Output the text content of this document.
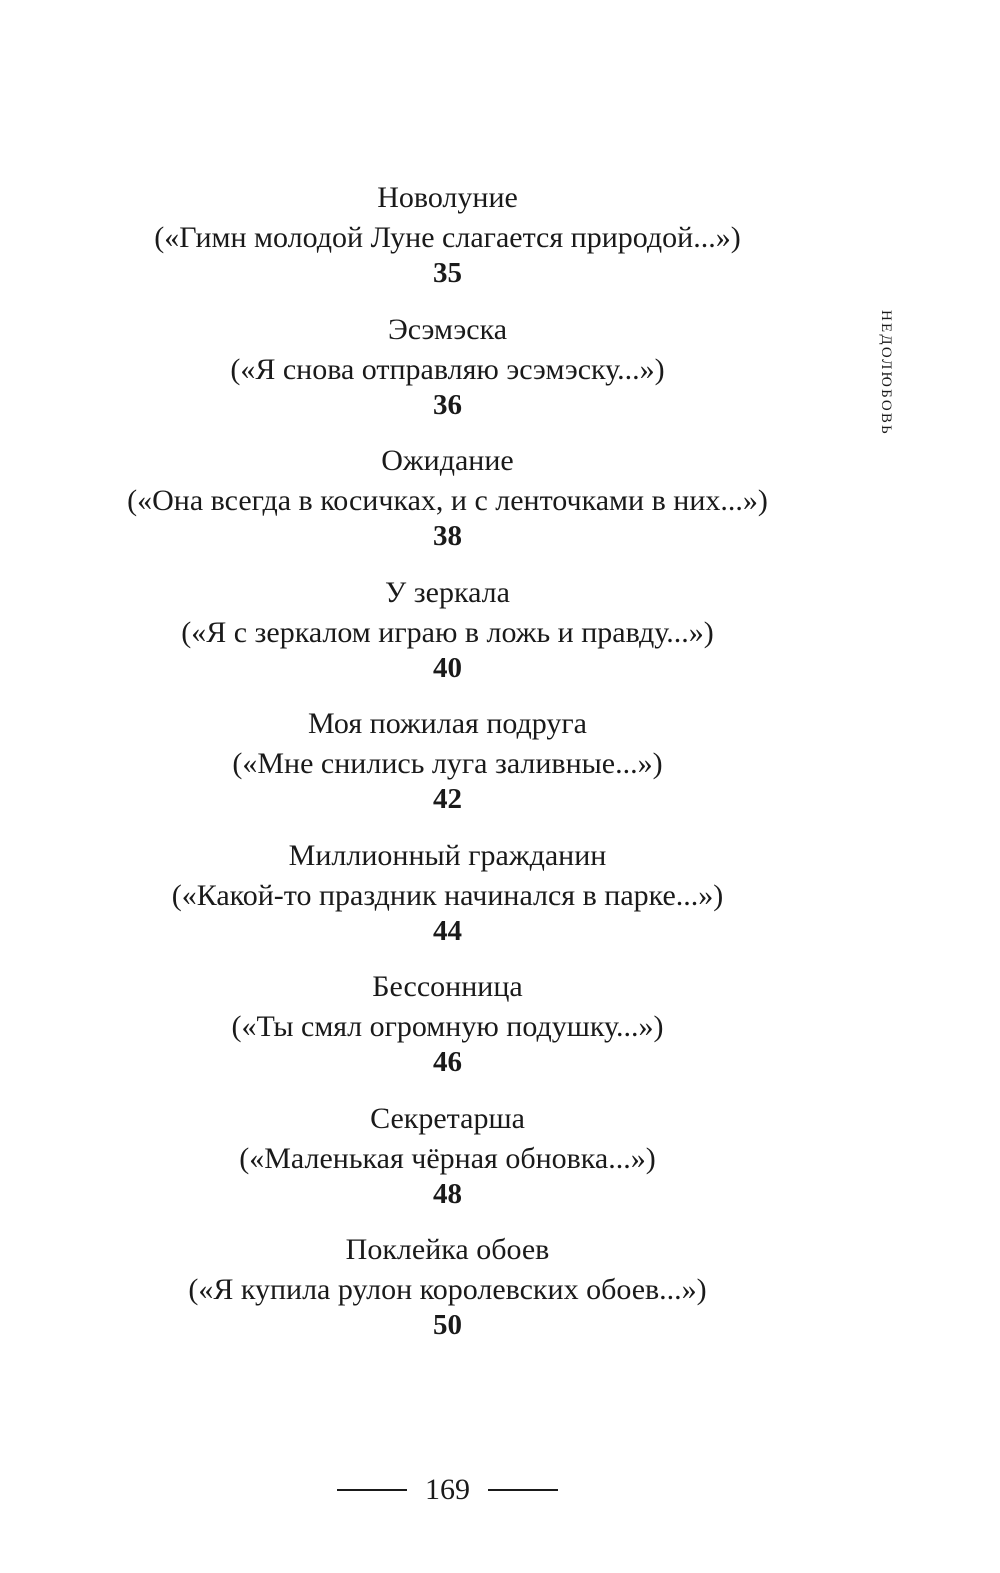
Новолуние
(«Гимн молодой Луне слагается природой...»)
35
Эсэмэска
(«Я снова отправляю эсэмэску...»)
36
Ожидание
(«Она всегда в косичках, и с ленточками в них...»)
38
У зеркала
(«Я с зеркалом играю в ложь и правду...»)
40
Моя пожилая подруга
(«Мне снились луга заливные...»)
42
Миллионный гражданин
(«Какой-то праздник начинался в парке...»)
44
Бессонница
(«Ты смял огромную подушку...»)
46
Секретарша
(«Маленькая чёрная обновка...»)
48
Поклейка обоев
(«Я купила рулон королевских обоев...»)
50
НЕДОЛЮБОВЬ
169
